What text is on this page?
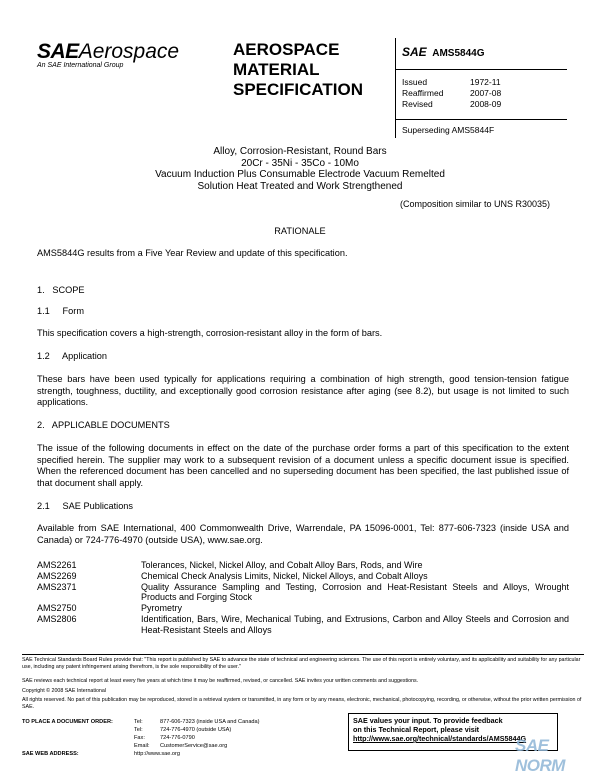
SAEAerospace
An SAE International Group
AEROSPACE
MATERIAL
SPECIFICATION
SAE AMS5844G
Issued	1972-11
Reaffirmed	2007-08
Revised	2008-09
Superseding AMS5844F
Alloy, Corrosion-Resistant, Round Bars
20Cr - 35Ni - 35Co - 10Mo
Vacuum Induction Plus Consumable Electrode Vacuum Remelted
Solution Heat Treated and Work Strengthened
(Composition similar to UNS R30035)
RATIONALE
AMS5844G results from a Five Year Review and update of this specification.
1.   SCOPE
1.1     Form
This specification covers a high-strength, corrosion-resistant alloy in the form of bars.
1.2     Application
These bars have been used typically for applications requiring a combination of high strength, good tension-tension fatigue strength, toughness, ductility, and exceptionally good corrosion resistance after aging (see 8.2), but usage is not limited to such applications.
2.   APPLICABLE DOCUMENTS
The issue of the following documents in effect on the date of the purchase order forms a part of this specification to the extent specified herein. The supplier may work to a subsequent revision of a document unless a specific document issue is specified. When the referenced document has been cancelled and no superseding document has been specified, the last published issue of that document shall apply.
2.1     SAE Publications
Available from SAE International, 400 Commonwealth Drive, Warrendale, PA 15096-0001, Tel: 877-606-7323 (inside USA and Canada) or 724-776-4970 (outside USA), www.sae.org.
AMS2261	Tolerances, Nickel, Nickel Alloy, and Cobalt Alloy Bars, Rods, and Wire
AMS2269	Chemical Check Analysis Limits, Nickel, Nickel Alloys, and Cobalt Alloys
AMS2371	Quality Assurance Sampling and Testing, Corrosion and Heat-Resistant Steels and Alloys, Wrought Products and Forging Stock
AMS2750	Pyrometry
AMS2806	Identification, Bars, Wire, Mechanical Tubing, and Extrusions, Carbon and Alloy Steels and Corrosion and Heat-Resistant Steels and Alloys
SAE Technical Standards Board Rules provide that: "This report is published by SAE to advance the state of technical and engineering sciences. The use of this report is entirely voluntary, and its applicability and suitability for any particular use, including any patent infringement arising therefrom, is the sole responsibility of the user."
SAE reviews each technical report at least every five years at which time it may be reaffirmed, revised, or cancelled. SAE invites your written comments and suggestions.
Copyright © 2008 SAE International
All rights reserved. No part of this publication may be reproduced, stored in a retrieval system or transmitted, in any form or by any means, electronic, mechanical, photocopying, recording, or otherwise, without the prior written permission of SAE.
TO PLACE A DOCUMENT ORDER:	Tel:	877-606-7323 (inside USA and Canada)
	Tel:	724-776-4970 (outside USA)
	Fax:	724-776-0790
	Email:	CustomerService@sae.org
SAE WEB ADDRESS:	http://www.sae.org	
SAE values your input. To provide feedback
on this Technical Report, please visit
http://www.sae.org/technical/standards/AMS5844G
SAE NORM
